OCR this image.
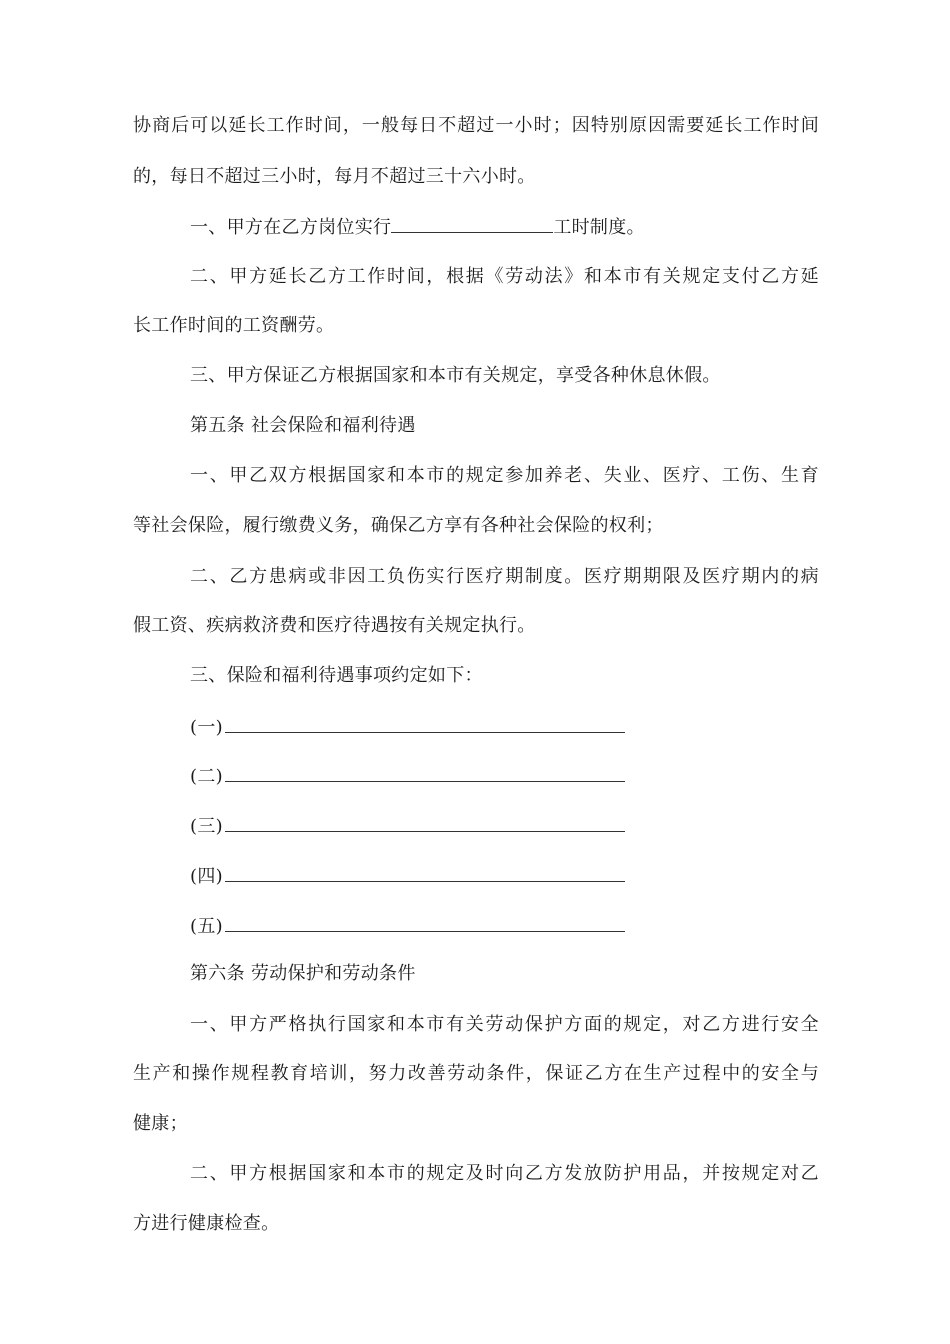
协商后可以延长工作时间，一般每日不超过一小时；因特别原因需要延长工作时间
的，每日不超过三小时，每月不超过三十六小时。
一、甲方在乙方岗位实行	工时制度。
二、甲方延长乙方工作时间，根据《劳动法》和本市有关规定支付乙方延
长工作时间的工资酬劳。
三、甲方保证乙方根据国家和本市有关规定，享受各种休息休假。
第五条 社会保险和福利待遇
一、甲乙双方根据国家和本市的规定参加养老、失业、医疗、工伤、生育
等社会保险，履行缴费义务，确保乙方享有各种社会保险的权利；
二、乙方患病或非因工负伤实行医疗期制度。医疗期期限及医疗期内的病
假工资、疾病救济费和医疗待遇按有关规定执行。
三、保险和福利待遇事项约定如下：
(一)
(二)
(三)
(四)
(五)
第六条 劳动保护和劳动条件
一、甲方严格执行国家和本市有关劳动保护方面的规定，对乙方进行安全
生产和操作规程教育培训，努力改善劳动条件，保证乙方在生产过程中的安全与
健康；
二、甲方根据国家和本市的规定及时向乙方发放防护用品，并按规定对乙
方进行健康检查。
